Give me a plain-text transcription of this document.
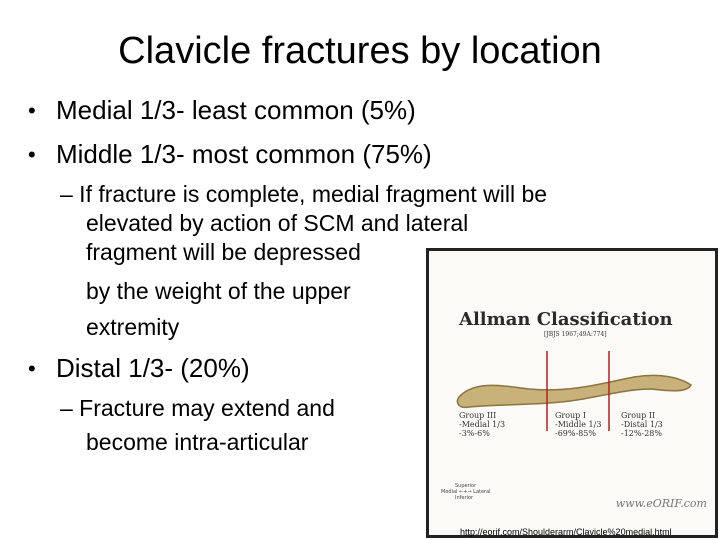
Clavicle fractures by location
• Medial 1/3- least common (5%)
• Middle 1/3- most common (75%)
– If fracture is complete, medial fragment will be
elevated by action of SCM and lateral
fragment will be depressed
by the weight of the upper
extremity
• Distal 1/3- (20%)
– Fracture may extend and
become intra-articular
Allman Classification
[JBJS 1967;49A:774]
Group III
-Medial 1/3
-3%-6%
Group I
-Middle 1/3
-69%-85%
Group II
-Distal 1/3
-12%-28%
Superior
Medial ←+→ Lateral
Inferior	www.eORIF.com
http://eorif.com/Shoulderarm/Clavicle%20medial.html
